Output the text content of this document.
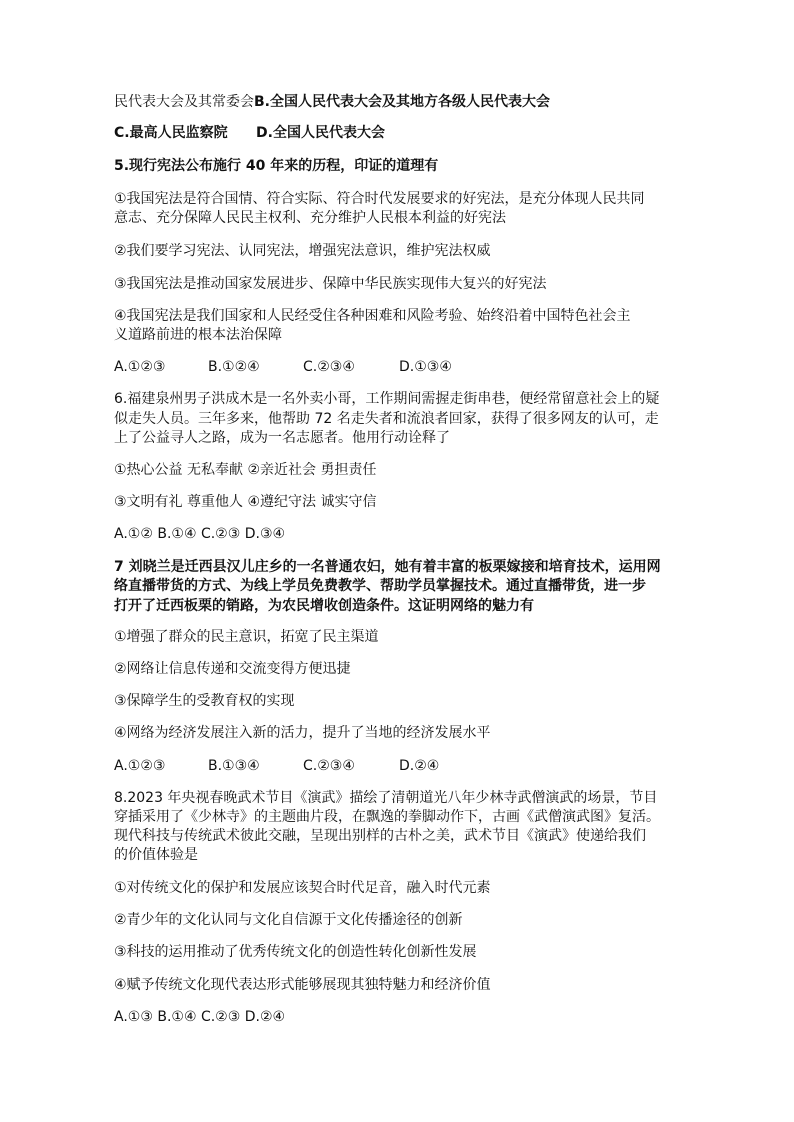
民代表大会及其常委会B.全国人民代表大会及其地方各级人民代表大会
C.最高人民监察院 D.全国人民代表大会
5.现行宪法公布施行 40 年来的历程，印证的道理有
①我国宪法是符合国情、符合实际、符合时代发展要求的好宪法，是充分体现人民共同
意志、充分保障人民民主权利、充分维护人民根本利益的好宪法
②我们要学习宪法、认同宪法，增强宪法意识，维护宪法权威
③我国宪法是推动国家发展进步、保障中华民族实现伟大复兴的好宪法
④我国宪法是我们国家和人民经受住各种困难和风险考验、始终沿着中国特色社会主
义道路前进的根本法治保障
A.①②③	B.①②④	C.②③④	D.①③④
6.福建泉州男子洪成木是一名外卖小哥，工作期间需握走街串巷，便经常留意社会上的疑
似走失人员。三年多来，他帮助 72 名走失者和流浪者回家，获得了很多网友的认可，走
上了公益寻人之路，成为一名志愿者。他用行动诠释了
①热心公益 无私奉献 ②亲近社会 勇担责任
③文明有礼 尊重他人 ④遵纪守法 诚实守信
A.①② B.①④ C.②③ D.③④
7 刘晓兰是迁西县汉儿庄乡的一名普通农妇，她有着丰富的板栗嫁接和培育技术，运用网
络直播带货的方式、为线上学员免费教学、帮助学员掌握技术。通过直播带货，进一步
打开了迁西板栗的销路，为农民增收创造条件。这证明网络的魅力有
①增强了群众的民主意识，拓宽了民主渠道
②网络让信息传递和交流变得方便迅捷
③保障学生的受教育权的实现
④网络为经济发展注入新的活力，提升了当地的经济发展水平
A.①②③	B.①③④	C.②③④	D.②④
8.2023 年央视春晚武术节目《演武》描绘了清朝道光八年少林寺武僧演武的场景，节目
穿插采用了《少林寺》的主题曲片段，在飘逸的拳脚动作下，古画《武僧演武图》复活。
现代科技与传统武术彼此交融，呈现出别样的古朴之美，武术节目《演武》使递给我们
的价值体验是
①对传统文化的保护和发展应该契合时代足音，融入时代元素
②青少年的文化认同与文化自信源于文化传播途径的创新
③科技的运用推动了优秀传统文化的创造性转化创新性发展
④赋予传统文化现代表达形式能够展现其独特魅力和经济价值
A.①③ B.①④ C.②③ D.②④
